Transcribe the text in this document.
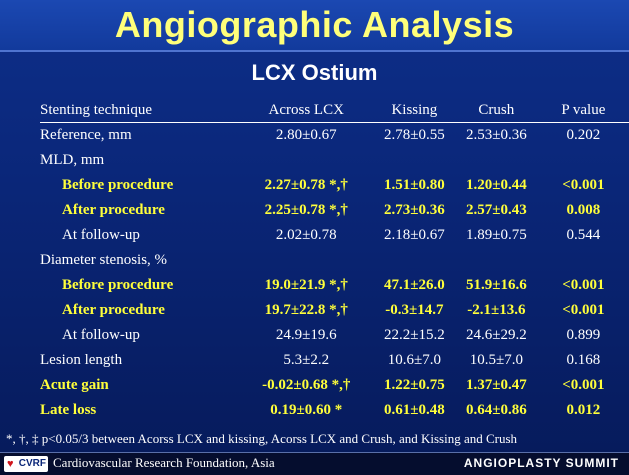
Angiographic Analysis
LCX Ostium
Stenting technique	Across LCX	Kissing	Crush	P value
Reference, mm	2.80±0.67	2.78±0.55	2.53±0.36	0.202
MLD, mm				
Before procedure	2.27±0.78 *,†	1.51±0.80	1.20±0.44	<0.001
After procedure	2.25±0.78 *,†	2.73±0.36	2.57±0.43	0.008
At follow-up	2.02±0.78	2.18±0.67	1.89±0.75	0.544
Diameter stenosis, %				
Before procedure	19.0±21.9 *,†	47.1±26.0	51.9±16.6	<0.001
After procedure	19.7±22.8 *,†	-0.3±14.7	-2.1±13.6	<0.001
At follow-up	24.9±19.6	22.2±15.2	24.6±29.2	0.899
Lesion length	5.3±2.2	10.6±7.0	10.5±7.0	0.168
Acute gain	-0.02±0.68 *,†	1.22±0.75	1.37±0.47	<0.001
Late loss	0.19±0.60 *	0.61±0.48	0.64±0.86	0.012
*, †, ‡ p<0.05/3 between Acorss LCX and kissing, Acorss LCX and Crush, and Kissing and Crush
♥ CVRF Cardiovascular Research Foundation, Asia	ANGIOPLASTY SUMMIT
